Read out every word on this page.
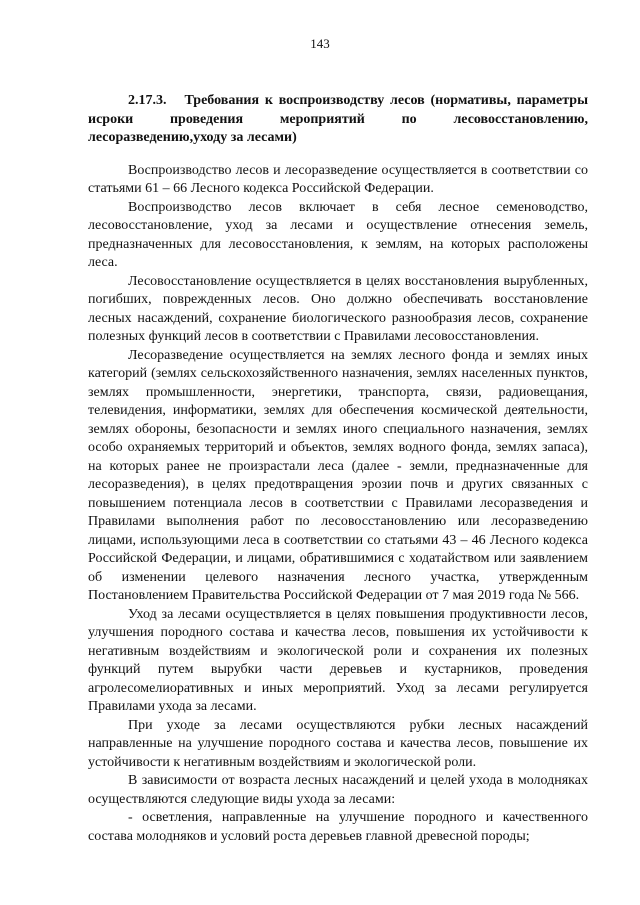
143

2.17.3. Требования к воспроизводству лесов (нормативы, параметры исроки проведения мероприятий по лесовосстановлению, лесоразведению,уходу за лесами)

Воспроизводство лесов и лесоразведение осуществляется в соответствии со статьями 61 – 66 Лесного кодекса Российской Федерации.

Воспроизводство лесов включает в себя лесное семеноводство, лесовосстановление, уход за лесами и осуществление отнесения земель, предназначенных для лесовосстановления, к землям, на которых расположены леса.

Лесовосстановление осуществляется в целях восстановления вырубленных, погибших, поврежденных лесов. Оно должно обеспечивать восстановление лесных насаждений, сохранение биологического разнообразия лесов, сохранение полезных функций лесов в соответствии с Правилами лесовосстановления.

Лесоразведение осуществляется на землях лесного фонда и землях иных категорий (землях сельскохозяйственного назначения, землях населенных пунктов, землях промышленности, энергетики, транспорта, связи, радиовещания, телевидения, информатики, землях для обеспечения космической деятельности, землях обороны, безопасности и землях иного специального назначения, землях особо охраняемых территорий и объектов, землях водного фонда, землях запаса), на которых ранее не произрастали леса (далее - земли, предназначенные для лесоразведения), в целях предотвращения эрозии почв и других связанных с повышением потенциала лесов в соответствии с Правилами лесоразведения и Правилами выполнения работ по лесовосстановлению или лесоразведению лицами, использующими леса в соответствии со статьями 43 – 46 Лесного кодекса Российской Федерации, и лицами, обратившимися с ходатайством или заявлением об изменении целевого назначения лесного участка, утвержденным Постановлением Правительства Российской Федерации от 7 мая 2019 года № 566.

Уход за лесами осуществляется в целях повышения продуктивности лесов, улучшения породного состава и качества лесов, повышения их устойчивости к негативным воздействиям и экологической роли и сохранения их полезных функций путем вырубки части деревьев и кустарников, проведения агролесомелиоративных и иных мероприятий. Уход за лесами регулируется Правилами ухода за лесами.

При уходе за лесами осуществляются рубки лесных насаждений направленные на улучшение породного состава и качества лесов, повышение их устойчивости к негативным воздействиям и экологической роли.

В зависимости от возраста лесных насаждений и целей ухода в молодняках осуществляются следующие виды ухода за лесами:

- осветления, направленные на улучшение породного и качественного состава молодняков и условий роста деревьев главной древесной породы;
